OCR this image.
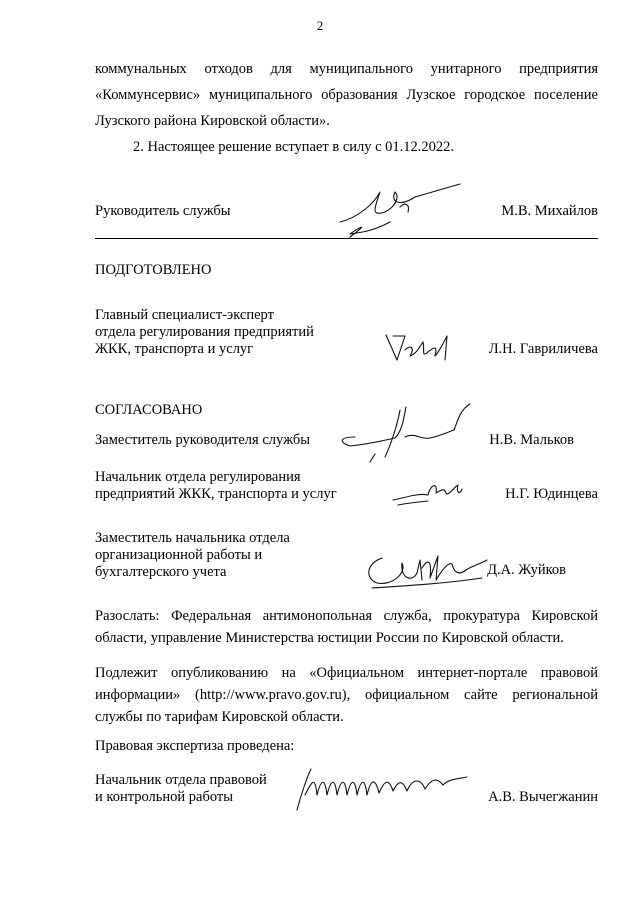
2

коммунальных отходов для муниципального унитарного предприятия

«Коммунсервис» муниципального образования Лузское городское поселение

Лузского района Кировской области».

2. Настоящее решение вступает в силу с 01.12.2022.
Руководитель службы	М.В. Михайлов
ПОДГОТОВЛЕНО
Главный специалист-эксперт
отдела регулирования предприятий
ЖКК, транспорта и услуг	Л.Н. Гавриличева
СОГЛАСОВАНО
Заместитель руководителя службы	Н.В. Мальков
Начальник отдела регулирования
предприятий ЖКК, транспорта и услуг	Н.Г. Юдинцева
Заместитель начальника отдела
организационной работы и
бухгалтерского учета	Д.А. Жуйков

Разослать: Федеральная антимонопольная служба, прокуратура Кировской

области, управление Министерства юстиции России по Кировской области.

Подлежит опубликованию на «Официальном интернет-портале правовой

информации» (http://www.pravo.gov.ru), официальном сайте региональной

службы по тарифам Кировской области.

Правовая экспертиза проведена:
Начальник отдела правовой
и контрольной работы	А.В. Вычегжанин
